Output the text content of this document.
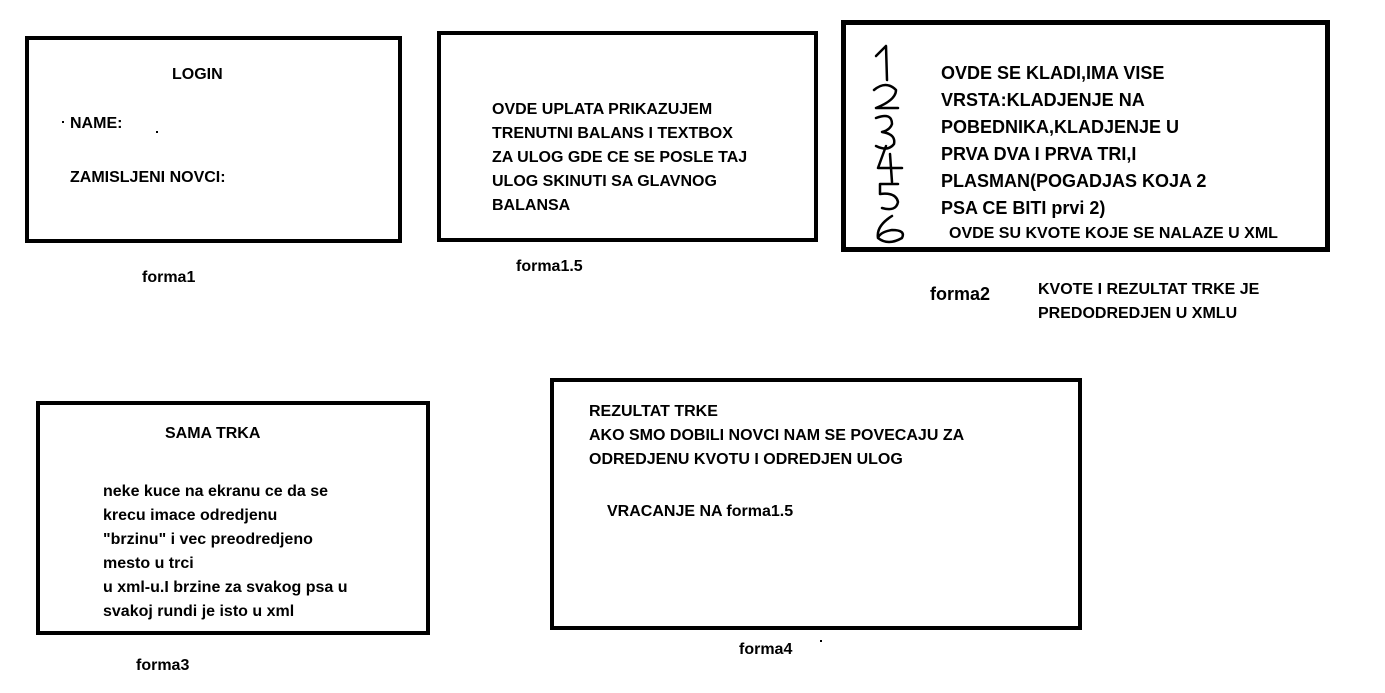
LOGIN
NAME:
ZAMISLJENI NOVCI:
forma1
OVDE UPLATA PRIKAZUJEM
TRENUTNI BALANS I TEXTBOX
ZA ULOG GDE CE SE POSLE TAJ
ULOG SKINUTI SA GLAVNOG
BALANSA
forma1.5
OVDE SE KLADI,IMA VISE
VRSTA:KLADJENJE NA
POBEDNIKA,KLADJENJE U
PRVA DVA I PRVA TRI,I
PLASMAN(POGADJAS KOJA 2
PSA CE BITI prvi 2)
OVDE SU KVOTE KOJE SE NALAZE U XML
forma2	KVOTE I REZULTAT TRKE JE
PREDODREDJEN U XMLU
SAMA TRKA
neke kuce na ekranu ce da se
krecu imace odredjenu
"brzinu" i vec preodredjeno
mesto u trci
u xml-u.I brzine za svakog psa u
svakoj rundi je isto u xml
forma3
REZULTAT TRKE
AKO SMO DOBILI NOVCI NAM SE POVECAJU ZA
ODREDJENU KVOTU I ODREDJEN ULOG
VRACANJE NA forma1.5
forma4
